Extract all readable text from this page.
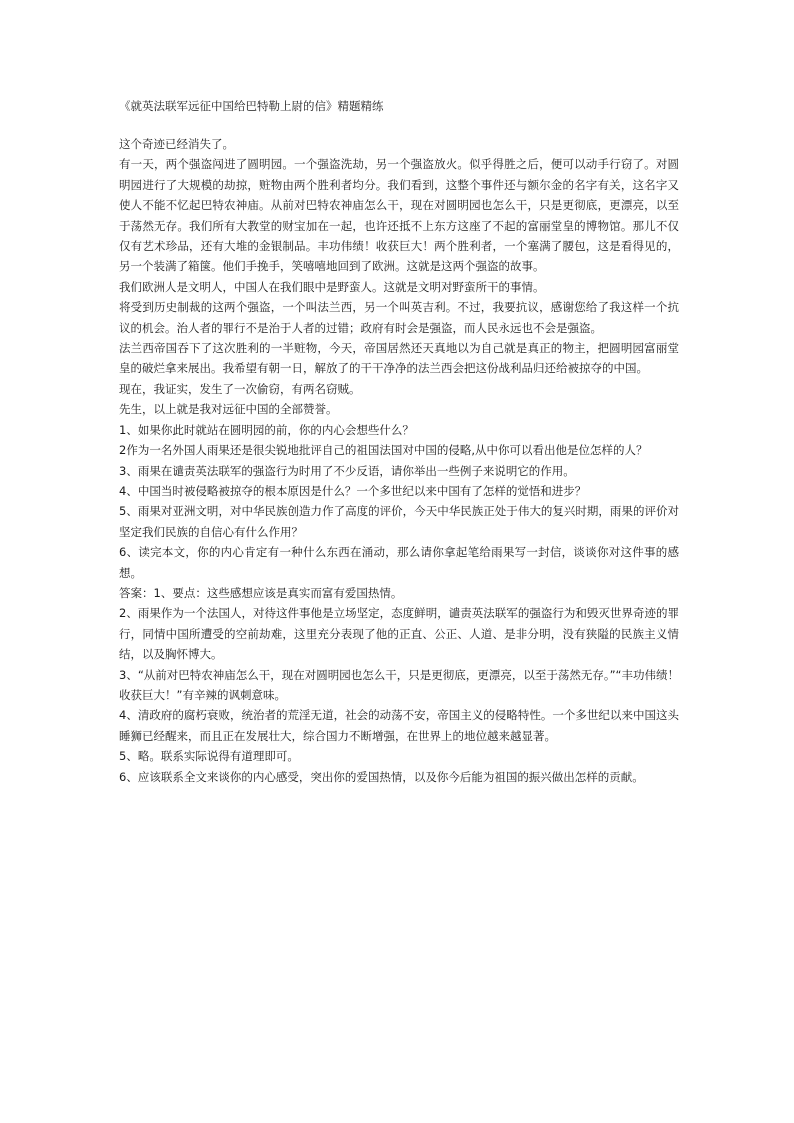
《就英法联军远征中国给巴特勒上尉的信》精题精练

这个奇迹已经消失了。

有一天，两个强盗闯进了圆明园。一个强盗洗劫，另一个强盗放火。似乎得胜之后，便可以动手行窃了。对圆明园进行了大规模的劫掠，赃物由两个胜利者均分。我们看到，这整个事件还与额尔金的名字有关，这名字又使人不能不忆起巴特农神庙。从前对巴特农神庙怎么干，现在对圆明园也怎么干，只是更彻底，更漂亮，以至于荡然无存。我们所有大教堂的财宝加在一起，也许还抵不上东方这座了不起的富丽堂皇的博物馆。那儿不仅仅有艺术珍品，还有大堆的金银制品。丰功伟绩！收获巨大！两个胜利者，一个塞满了腰包，这是看得见的，另一个装满了箱箧。他们手挽手，笑嘻嘻地回到了欧洲。这就是这两个强盗的故事。

我们欧洲人是文明人，中国人在我们眼中是野蛮人。这就是文明对野蛮所干的事情。

将受到历史制裁的这两个强盗，一个叫法兰西，另一个叫英吉利。不过，我要抗议，感谢您给了我这样一个抗议的机会。治人者的罪行不是治于人者的过错；政府有时会是强盗，而人民永远也不会是强盗。

法兰西帝国吞下了这次胜利的一半赃物，今天，帝国居然还天真地以为自己就是真正的物主，把圆明园富丽堂皇的破烂拿来展出。我希望有朝一日，解放了的干干净净的法兰西会把这份战利品归还给被掠夺的中国。

现在，我证实，发生了一次偷窃，有两名窃贼。

先生，以上就是我对远征中国的全部赞誉。

1、如果你此时就站在圆明园的前，你的内心会想些什么？

2作为一名外国人雨果还是很尖锐地批评自己的祖国法国对中国的侵略,从中你可以看出他是位怎样的人？

3、雨果在谴责英法联军的强盗行为时用了不少反语，请你举出一些例子来说明它的作用。

4、中国当时被侵略被掠夺的根本原因是什么？一个多世纪以来中国有了怎样的觉悟和进步？

5、雨果对亚洲文明，对中华民族创造力作了高度的评价，今天中华民族正处于伟大的复兴时期，雨果的评价对坚定我们民族的自信心有什么作用？

6、读完本文，你的内心肯定有一种什么东西在涌动，那么请你拿起笔给雨果写一封信，谈谈你对这件事的感想。

答案：1、要点：这些感想应该是真实而富有爱国热情。

2、雨果作为一个法国人，对待这件事他是立场坚定，态度鲜明，谴责英法联军的强盗行为和毁灭世界奇迹的罪行，同情中国所遭受的空前劫难，这里充分表现了他的正直、公正、人道、是非分明，没有狭隘的民族主义情结，以及胸怀博大。

3、“从前对巴特农神庙怎么干，现在对圆明园也怎么干，只是更彻底，更漂亮，以至于荡然无存。”“丰功伟绩！收获巨大！”有辛辣的讽刺意味。

4、清政府的腐朽衰败，统治者的荒淫无道，社会的动荡不安，帝国主义的侵略特性。一个多世纪以来中国这头睡狮已经醒来，而且正在发展壮大，综合国力不断增强，在世界上的地位越来越显著。

5、略。联系实际说得有道理即可。

6、应该联系全文来谈你的内心感受，突出你的爱国热情，以及你今后能为祖国的振兴做出怎样的贡献。
